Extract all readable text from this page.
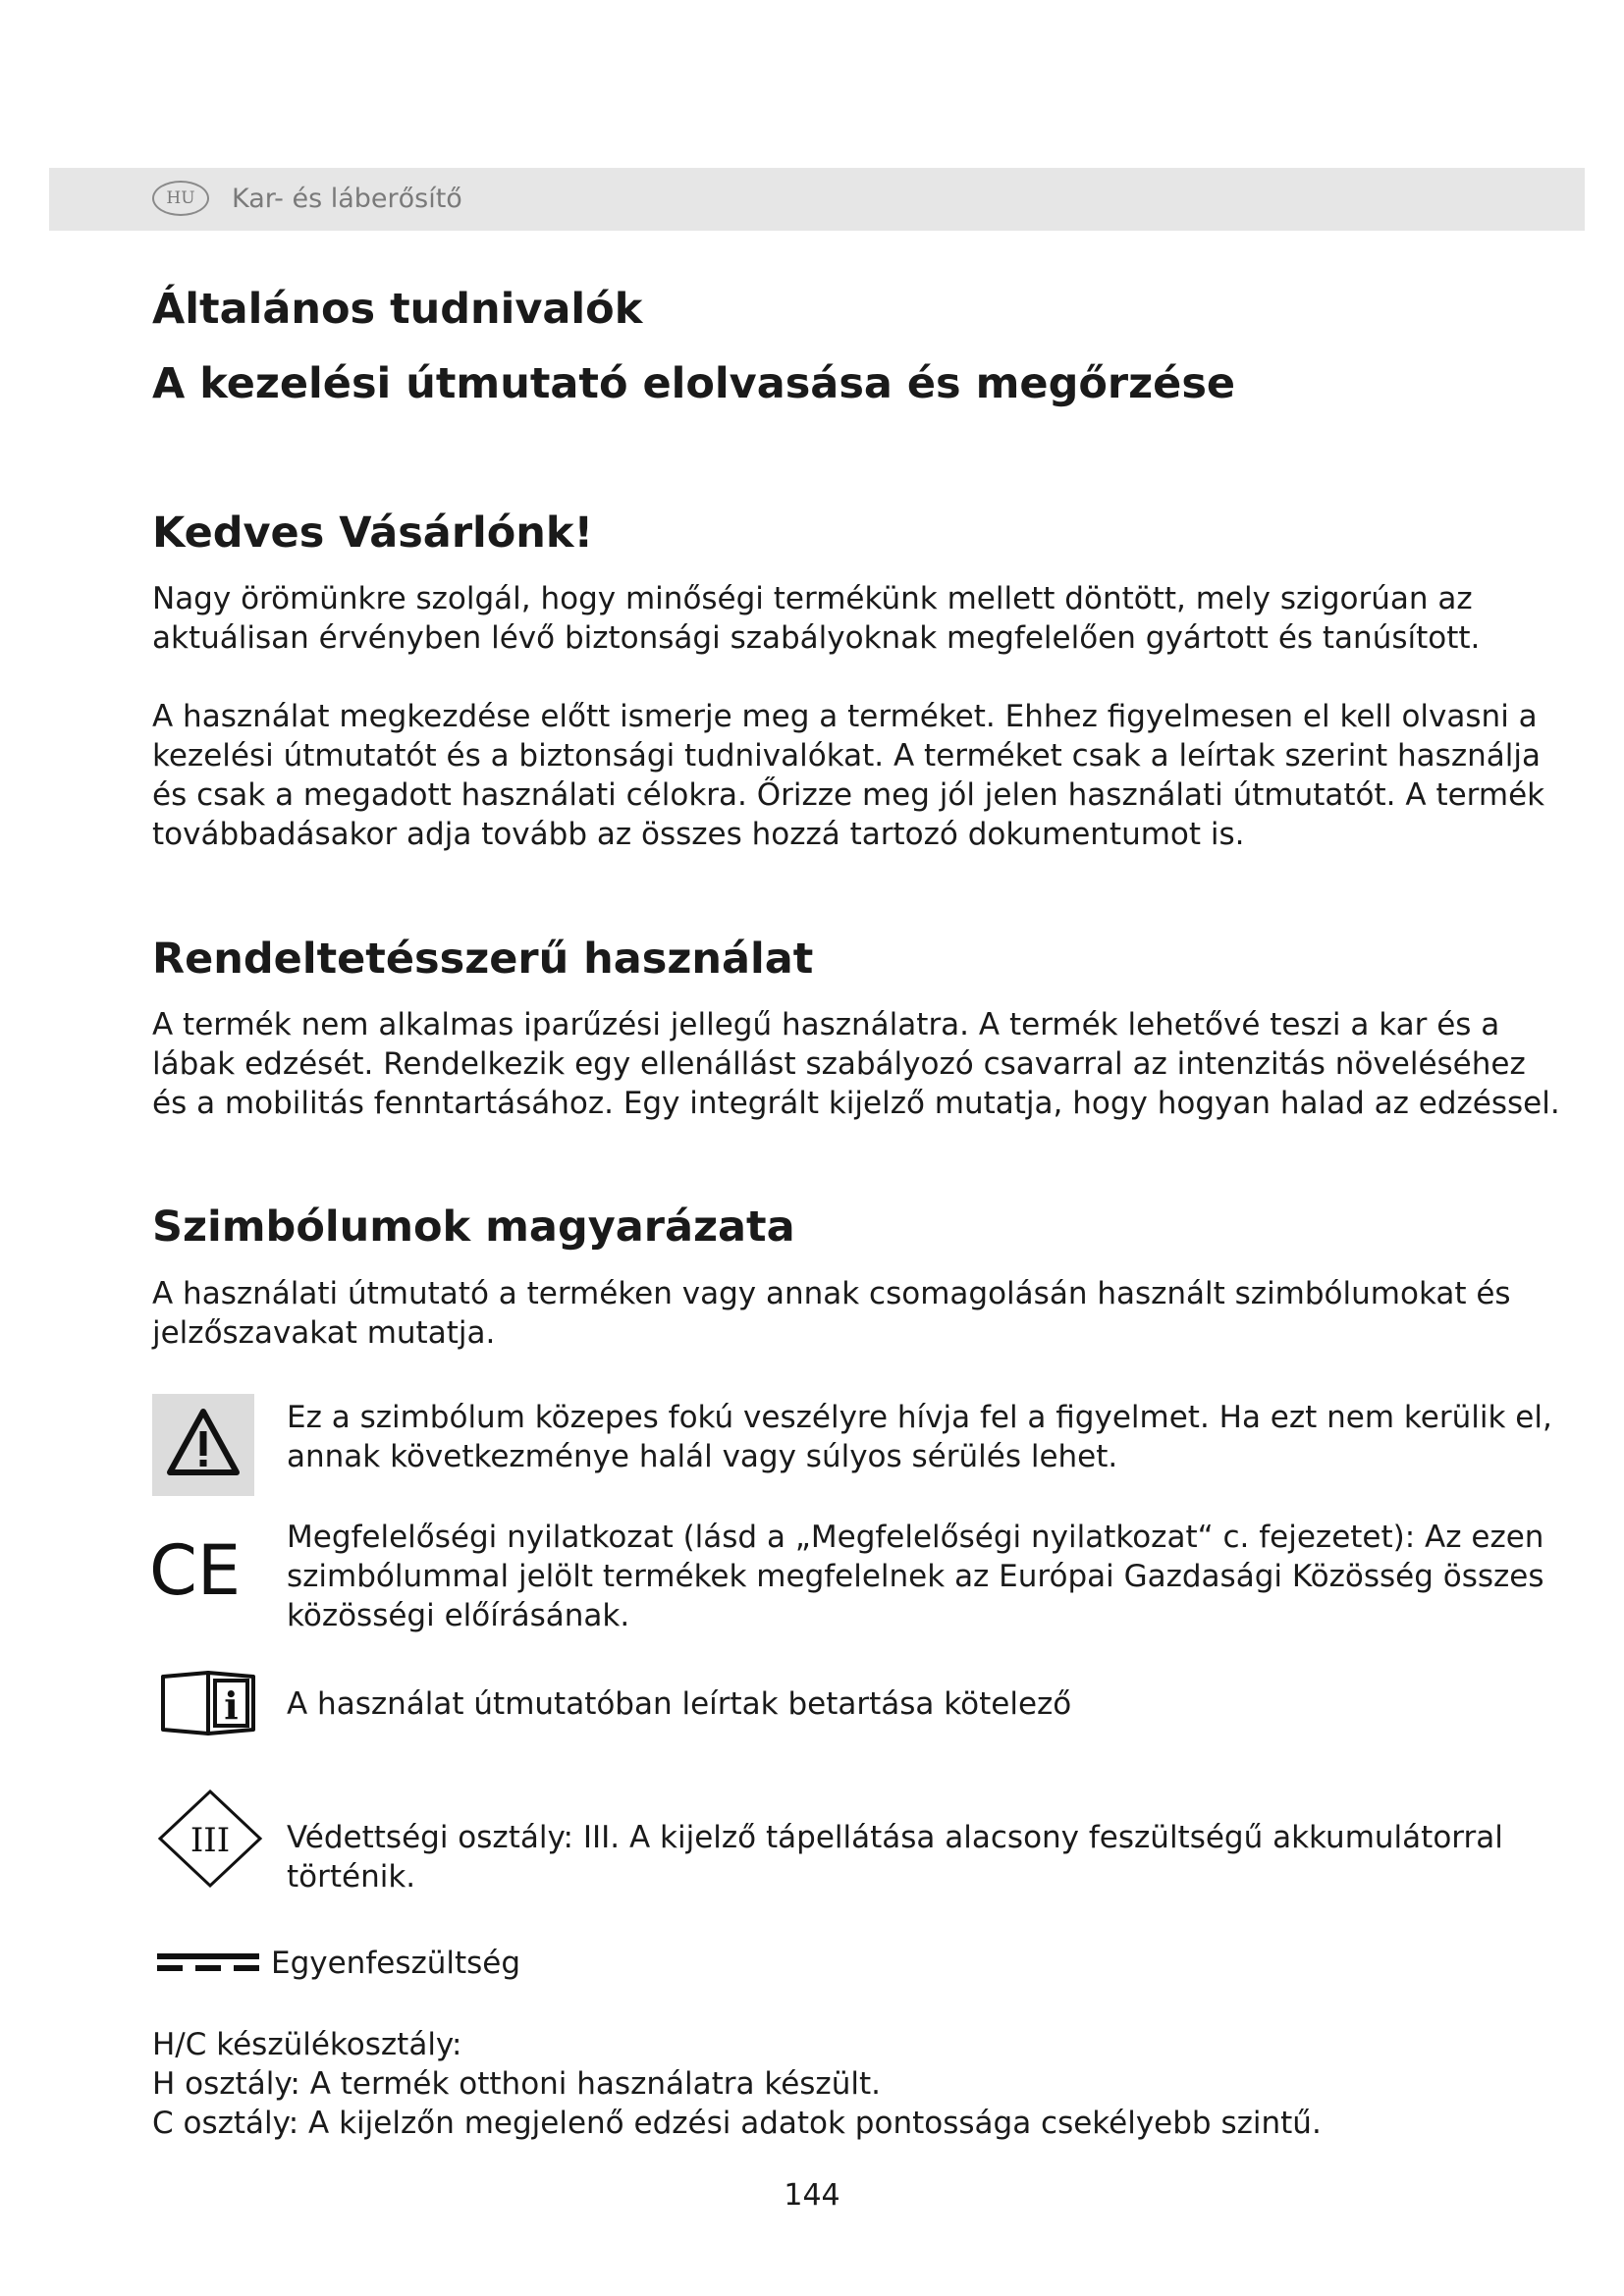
HU	Kar- és láberősítő
Általános tudnivalók
A kezelési útmutató elolvasása és megőrzése
Kedves Vásárlónk!
Nagy örömünkre szolgál, hogy minőségi termékünk mellett döntött, mely szigorúan az
aktuálisan érvényben lévő biztonsági szabályoknak megfelelően gyártott és tanúsított.
A használat megkezdése előtt ismerje meg a terméket. Ehhez figyelmesen el kell olvasni a
kezelési útmutatót és a biztonsági tudnivalókat. A terméket csak a leírtak szerint használja
és csak a megadott használati célokra. Őrizze meg jól jelen használati útmutatót. A termék
továbbadásakor adja tovább az összes hozzá tartozó dokumentumot is.
Rendeltetésszerű használat
A termék nem alkalmas iparűzési jellegű használatra. A termék lehetővé teszi a kar és a
lábak edzését. Rendelkezik egy ellenállást szabályozó csavarral az intenzitás növeléséhez
és a mobilitás fenntartásához. Egy integrált kijelző mutatja, hogy hogyan halad az edzéssel.
Szimbólumok magyarázata
A használati útmutató a terméken vagy annak csomagolásán használt szimbólumokat és
jelzőszavakat mutatja.
Ez a szimbólum közepes fokú veszélyre hívja fel a figyelmet. Ha ezt nem kerülik el,
annak következménye halál vagy súlyos sérülés lehet.
CE Megfelelőségi nyilatkozat (lásd a „Megfelelőségi nyilatkozat“ c. fejezetet): Az ezen
szimbólummal jelölt termékek megfelelnek az Európai Gazdasági Közösség összes
közösségi előírásának.
i A használat útmutatóban leírtak betartása kötelező
III Védettségi osztály: III. A kijelző tápellátása alacsony feszültségű akkumulátorral
történik.
Egyenfeszültség
H/C készülékosztály:
H osztály: A termék otthoni használatra készült.
C osztály: A kijelzőn megjelenő edzési adatok pontossága csekélyebb szintű.
144
